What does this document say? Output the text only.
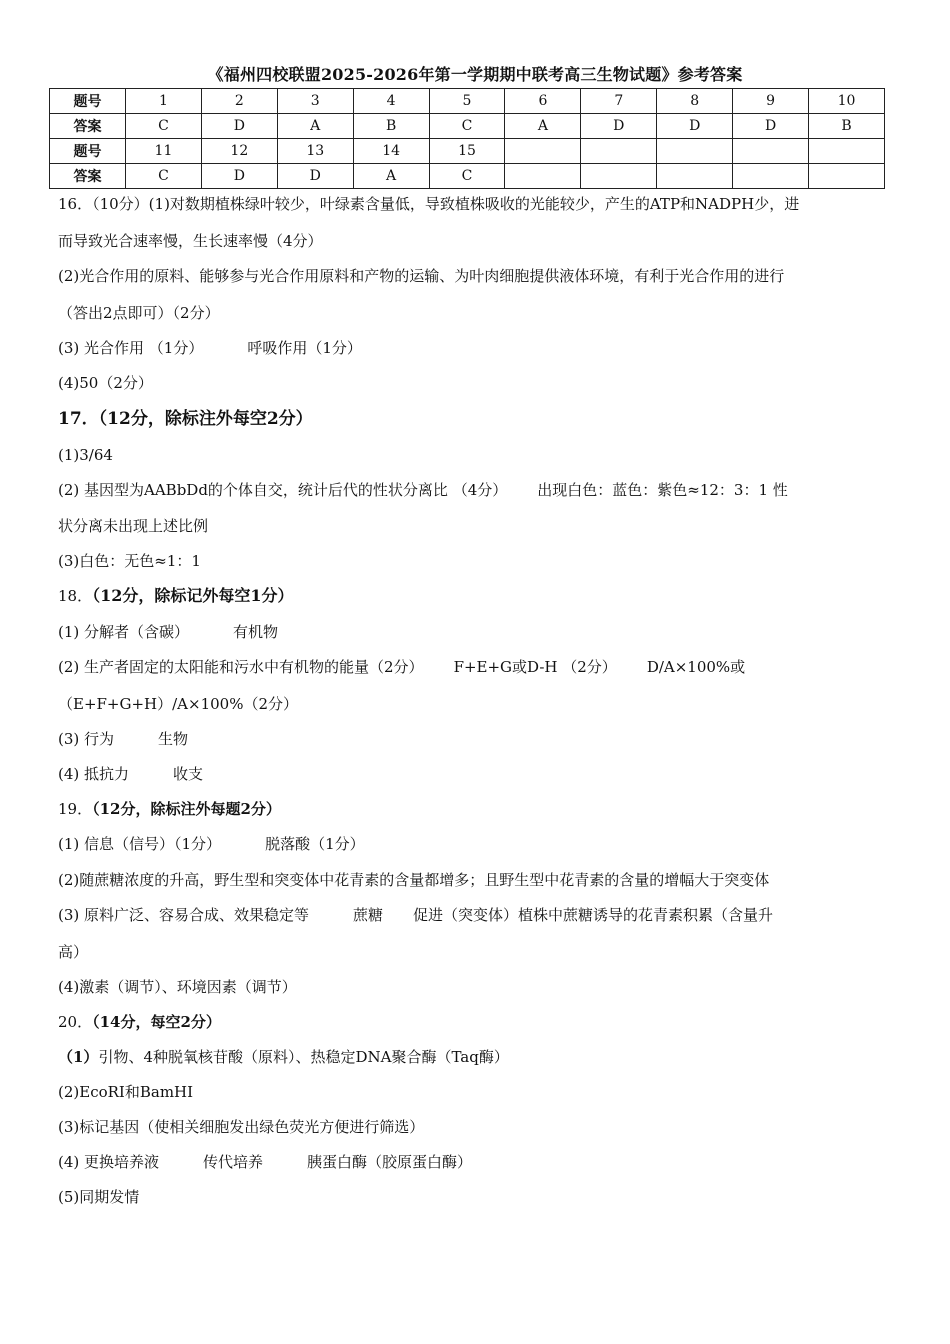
《福州四校联盟2025-2026年第一学期期中联考高三生物试题》参考答案
题号	1	2	3	4	5	6	7	8	9	10
答案	C	D	A	B	C	A	D	D	D	B
题号	11	12	13	14	15					
答案	C	D	D	A	C					
16．（10分）(1)对数期植株绿叶较少，叶绿素含量低，导致植株吸收的光能较少，产生的ATP和NADPH少，进
而导致光合速率慢，生长速率慢（4分）
(2)光合作用的原料、能够参与光合作用原料和产物的运输、为叶肉细胞提供液体环境，有利于光合作用的进行
（答出2点即可）（2分）
(3) 光合作用 （1分）	呼吸作用（1分）
(4)50（2分）
17．（12分，除标注外每空2分）
(1)3/64
(2) 基因型为AABbDd的个体自交，统计后代的性状分离比 （4分） 出现白色：蓝色：紫色≈12：3：1 性
状分离未出现上述比例
(3)白色：无色≈1：1
18．（12分，除标记外每空1分）
(1) 分解者（含碳）	有机物
(2) 生产者固定的太阳能和污水中有机物的能量（2分） F+E+G或D-H （2分） D/A×100%或
（E+F+G+H）/A×100%（2分）
(3) 行为	生物
(4) 抵抗力	收支
19．（12分，除标注外每题2分）
(1) 信息（信号）（1分）	脱落酸（1分）
(2)随蔗糖浓度的升高，野生型和突变体中花青素的含量都增多；且野生型中花青素的含量的增幅大于突变体
(3) 原料广泛、容易合成、效果稳定等	蔗糖 促进（突变体）植株中蔗糖诱导的花青素积累（含量升
高）
(4)激素（调节）、环境因素（调节）
20．（14分，每空2分）
（1）引物、4种脱氧核苷酸（原料）、热稳定DNA聚合酶（Taq酶）
(2)EcoRI和BamHI
(3)标记基因（使相关细胞发出绿色荧光方便进行筛选）
(4) 更换培养液	传代培养	胰蛋白酶（胶原蛋白酶）
(5)同期发情
